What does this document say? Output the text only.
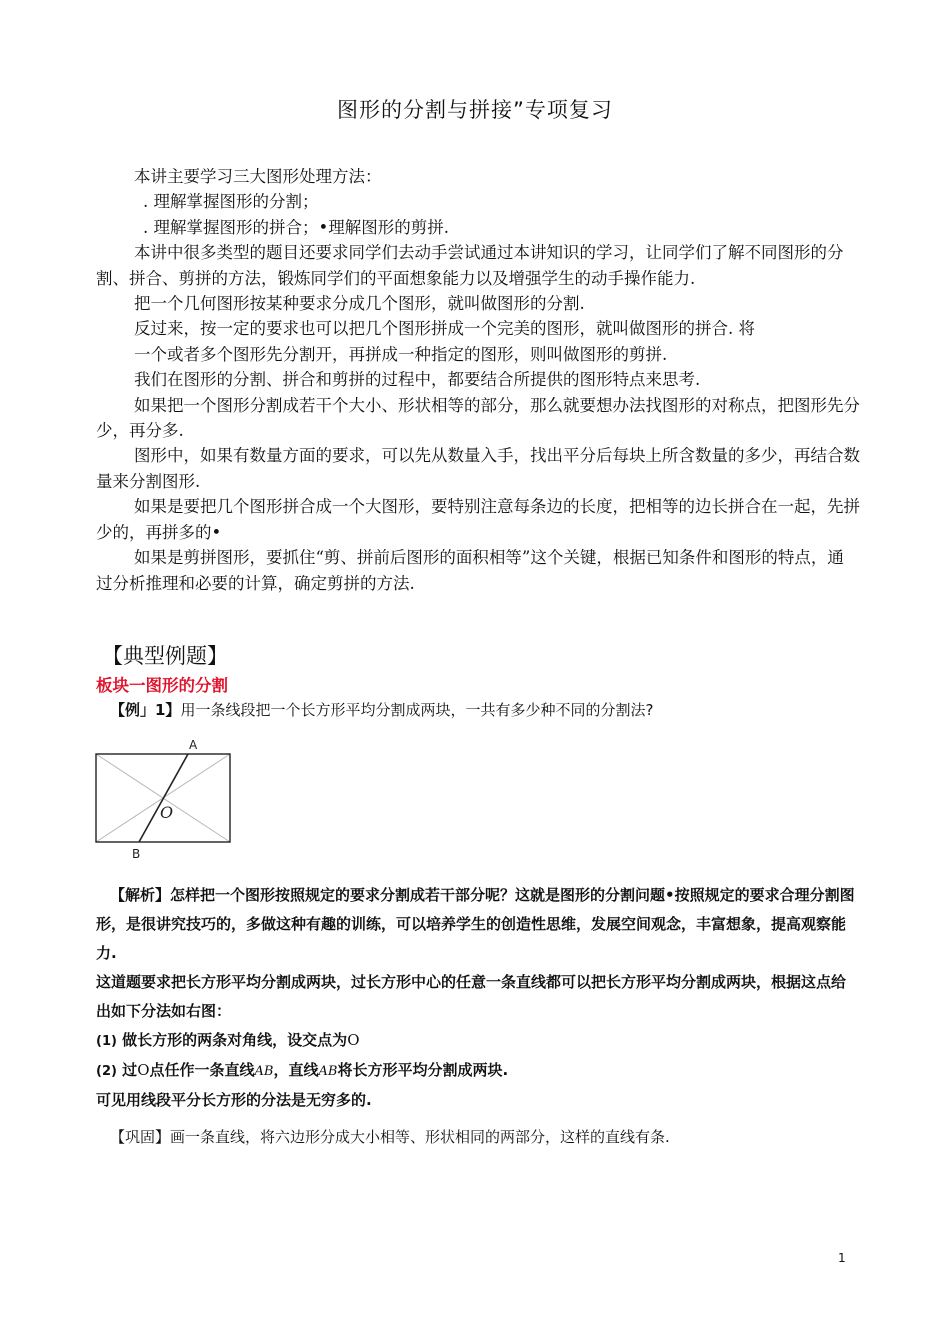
图形的分割与拼接”专项复习

本讲主要学习三大图形处理方法：

. 理解掌握图形的分割；

. 理解掌握图形的拼合；•理解图形的剪拼.

本讲中很多类型的题目还要求同学们去动手尝试通过本讲知识的学习，让同学们了解不同图形的分割、拼合、剪拼的方法，锻炼同学们的平面想象能力以及增强学生的动手操作能力.

把一个几何图形按某种要求分成几个图形，就叫做图形的分割.

反过来，按一定的要求也可以把几个图形拼成一个完美的图形，就叫做图形的拼合. 将

一个或者多个图形先分割开，再拼成一种指定的图形，则叫做图形的剪拼.

我们在图形的分割、拼合和剪拼的过程中，都要结合所提供的图形特点来思考.

如果把一个图形分割成若干个大小、形状相等的部分，那么就要想办法找图形的对称点，把图形先分少，再分多.

图形中，如果有数量方面的要求，可以先从数量入手，找出平分后每块上所含数量的多少，再结合数量来分割图形.

如果是要把几个图形拼合成一个大图形，要特别注意每条边的长度，把相等的边长拼合在一起，先拼少的，再拼多的•

如果是剪拼图形，要抓住“剪、拼前后图形的面积相等”这个关键，根据已知条件和图形的特点，通过分析推理和必要的计算，确定剪拼的方法.

【典型例题】
板块一图形的分割
【例」1】用一条线段把一个长方形平均分割成两块，一共有多少种不同的分割法?
A
B
O

【解析】怎样把一个图形按照规定的要求分割成若干部分呢？这就是图形的分割问题•按照规定的要求合理分割图形，是很讲究技巧的，多做这种有趣的训练，可以培养学生的创造性思维，发展空间观念，丰富想象，提高观察能力.

这道题要求把长方形平均分割成两块，过长方形中心的任意一条直线都可以把长方形平均分割成两块，根据这点给出如下分法如右图：

(1) 做长方形的两条对角线，设交点为O

(2) 过O点任作一条直线AB，直线AB将长方形平均分割成两块.

可见用线段平分长方形的分法是无穷多的.

【巩固】画一条直线，将六边形分成大小相等、形状相同的两部分，这样的直线有条.
1
